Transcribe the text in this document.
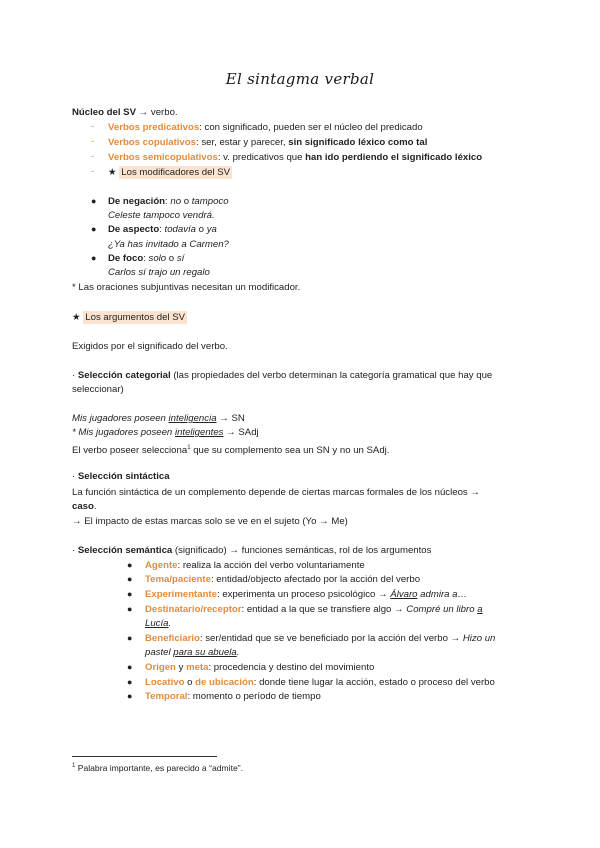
El sintagma verbal
Núcleo del SV → verbo.
- Verbos predicativos: con significado, pueden ser el núcleo del predicado
- Verbos copulativos: ser, estar y parecer, sin significado léxico como tal
- Verbos semicopulativos: v. predicativos que han ido perdiendo el significado léxico
- ★ Los modificadores del SV
● De negación: no o tampoco
Celeste tampoco vendrá.
● De aspecto: todavía o ya
¿Ya has invitado a Carmen?
● De foco: solo o sí
Carlos sí trajo un regalo
* Las oraciones subjuntivas necesitan un modificador.
★ Los argumentos del SV
Exigidos por el significado del verbo.
· Selección categorial (las propiedades del verbo determinan la categoría gramatical que hay que
seleccionar)
Mis jugadores poseen inteligencia → SN
* Mis jugadores poseen inteligentes → SAdj
El verbo poseer selecciona$^1$ que su complemento sea un SN y no un SAdj.
· Selección sintáctica
La función sintáctica de un complemento depende de ciertas marcas formales de los núcleos →
caso.
→ El impacto de estas marcas solo se ve en el sujeto (Yo → Me)
· Selección semántica (significado) → funciones semánticas, rol de los argumentos
● Agente: realiza la acción del verbo voluntariamente
● Tema/paciente: entidad/objecto afectado por la acción del verbo
● Experimentante: experimenta un proceso psicológico → Álvaro admira a…
● Destinatario/receptor: entidad a la que se transfiere algo → Compré un libro a
Lucía.
● Beneficiario: ser/entidad que se ve beneficiado por la acción del verbo → Hizo un
pastel para su abuela.
● Origen y meta: procedencia y destino del movimiento
● Locativo o de ubicación: donde tiene lugar la acción, estado o proceso del verbo
● Temporal: momento o período de tiempo
$^1$ Palabra importante, es parecido a “admite”.
